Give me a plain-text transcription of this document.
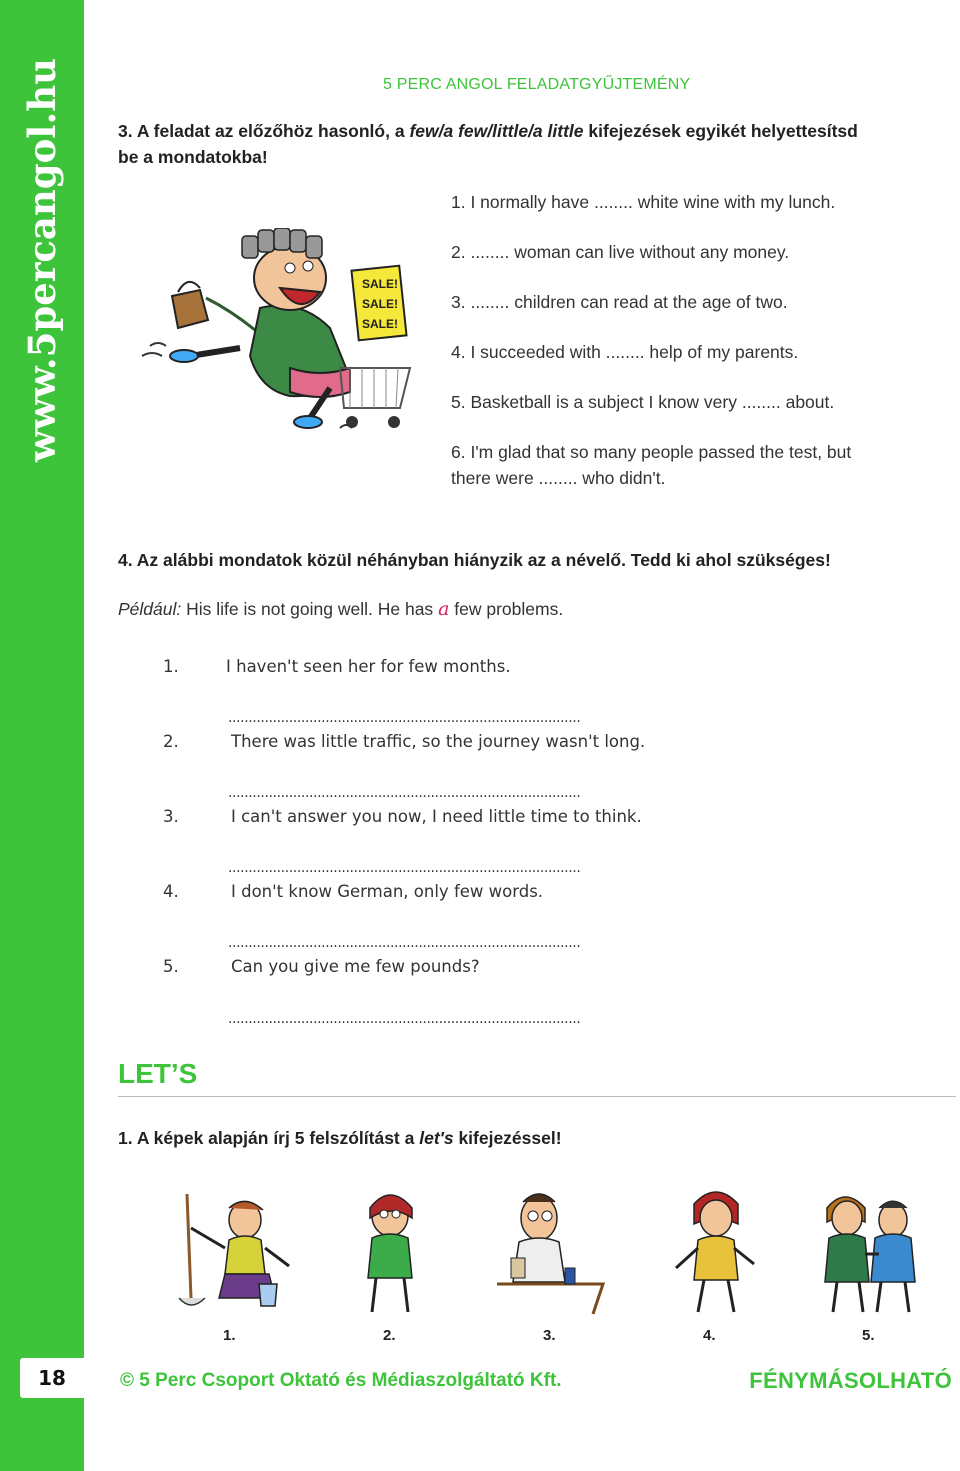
www.5percangol.hu
18
5 PERC ANGOL FELADATGYŰJTEMÉNY
3. A feladat az előzőhöz hasonló, a few/a few/little/a little kifejezések egyikét helyettesítsd
be a mondatokba!
1. I normally have ........ white wine with my lunch.
2. ........ woman can live without any money.
3. ........ children can read at the age of two.
4. I succeeded with ........ help of my parents.
5. Basketball is a subject I know very ........ about.
6. I'm glad that so many people passed the test, but
there were ........ who didn't.
SALE!
SALE!
SALE!
4. Az alábbi mondatok közül néhányban hiányzik az a névelő. Tedd ki ahol szükséges!
Például: His life is not going well. He has a few problems.
1.	I haven't seen her for few months.
.......................................................................................
2.	There was little traffic, so the journey wasn't long.
.......................................................................................
3.	I can't answer you now, I need little time to think.
.......................................................................................
4.	I don't know German, only few words.
.......................................................................................
5.	Can you give me few pounds?
.......................................................................................
LET’S
1. A képek alapján írj 5 felszólítást a let's kifejezéssel!
1.	2.	3.	4.	5.
© 5 Perc Csoport Oktató és Médiaszolgáltató Kft.	FÉNYMÁSOLHATÓ
